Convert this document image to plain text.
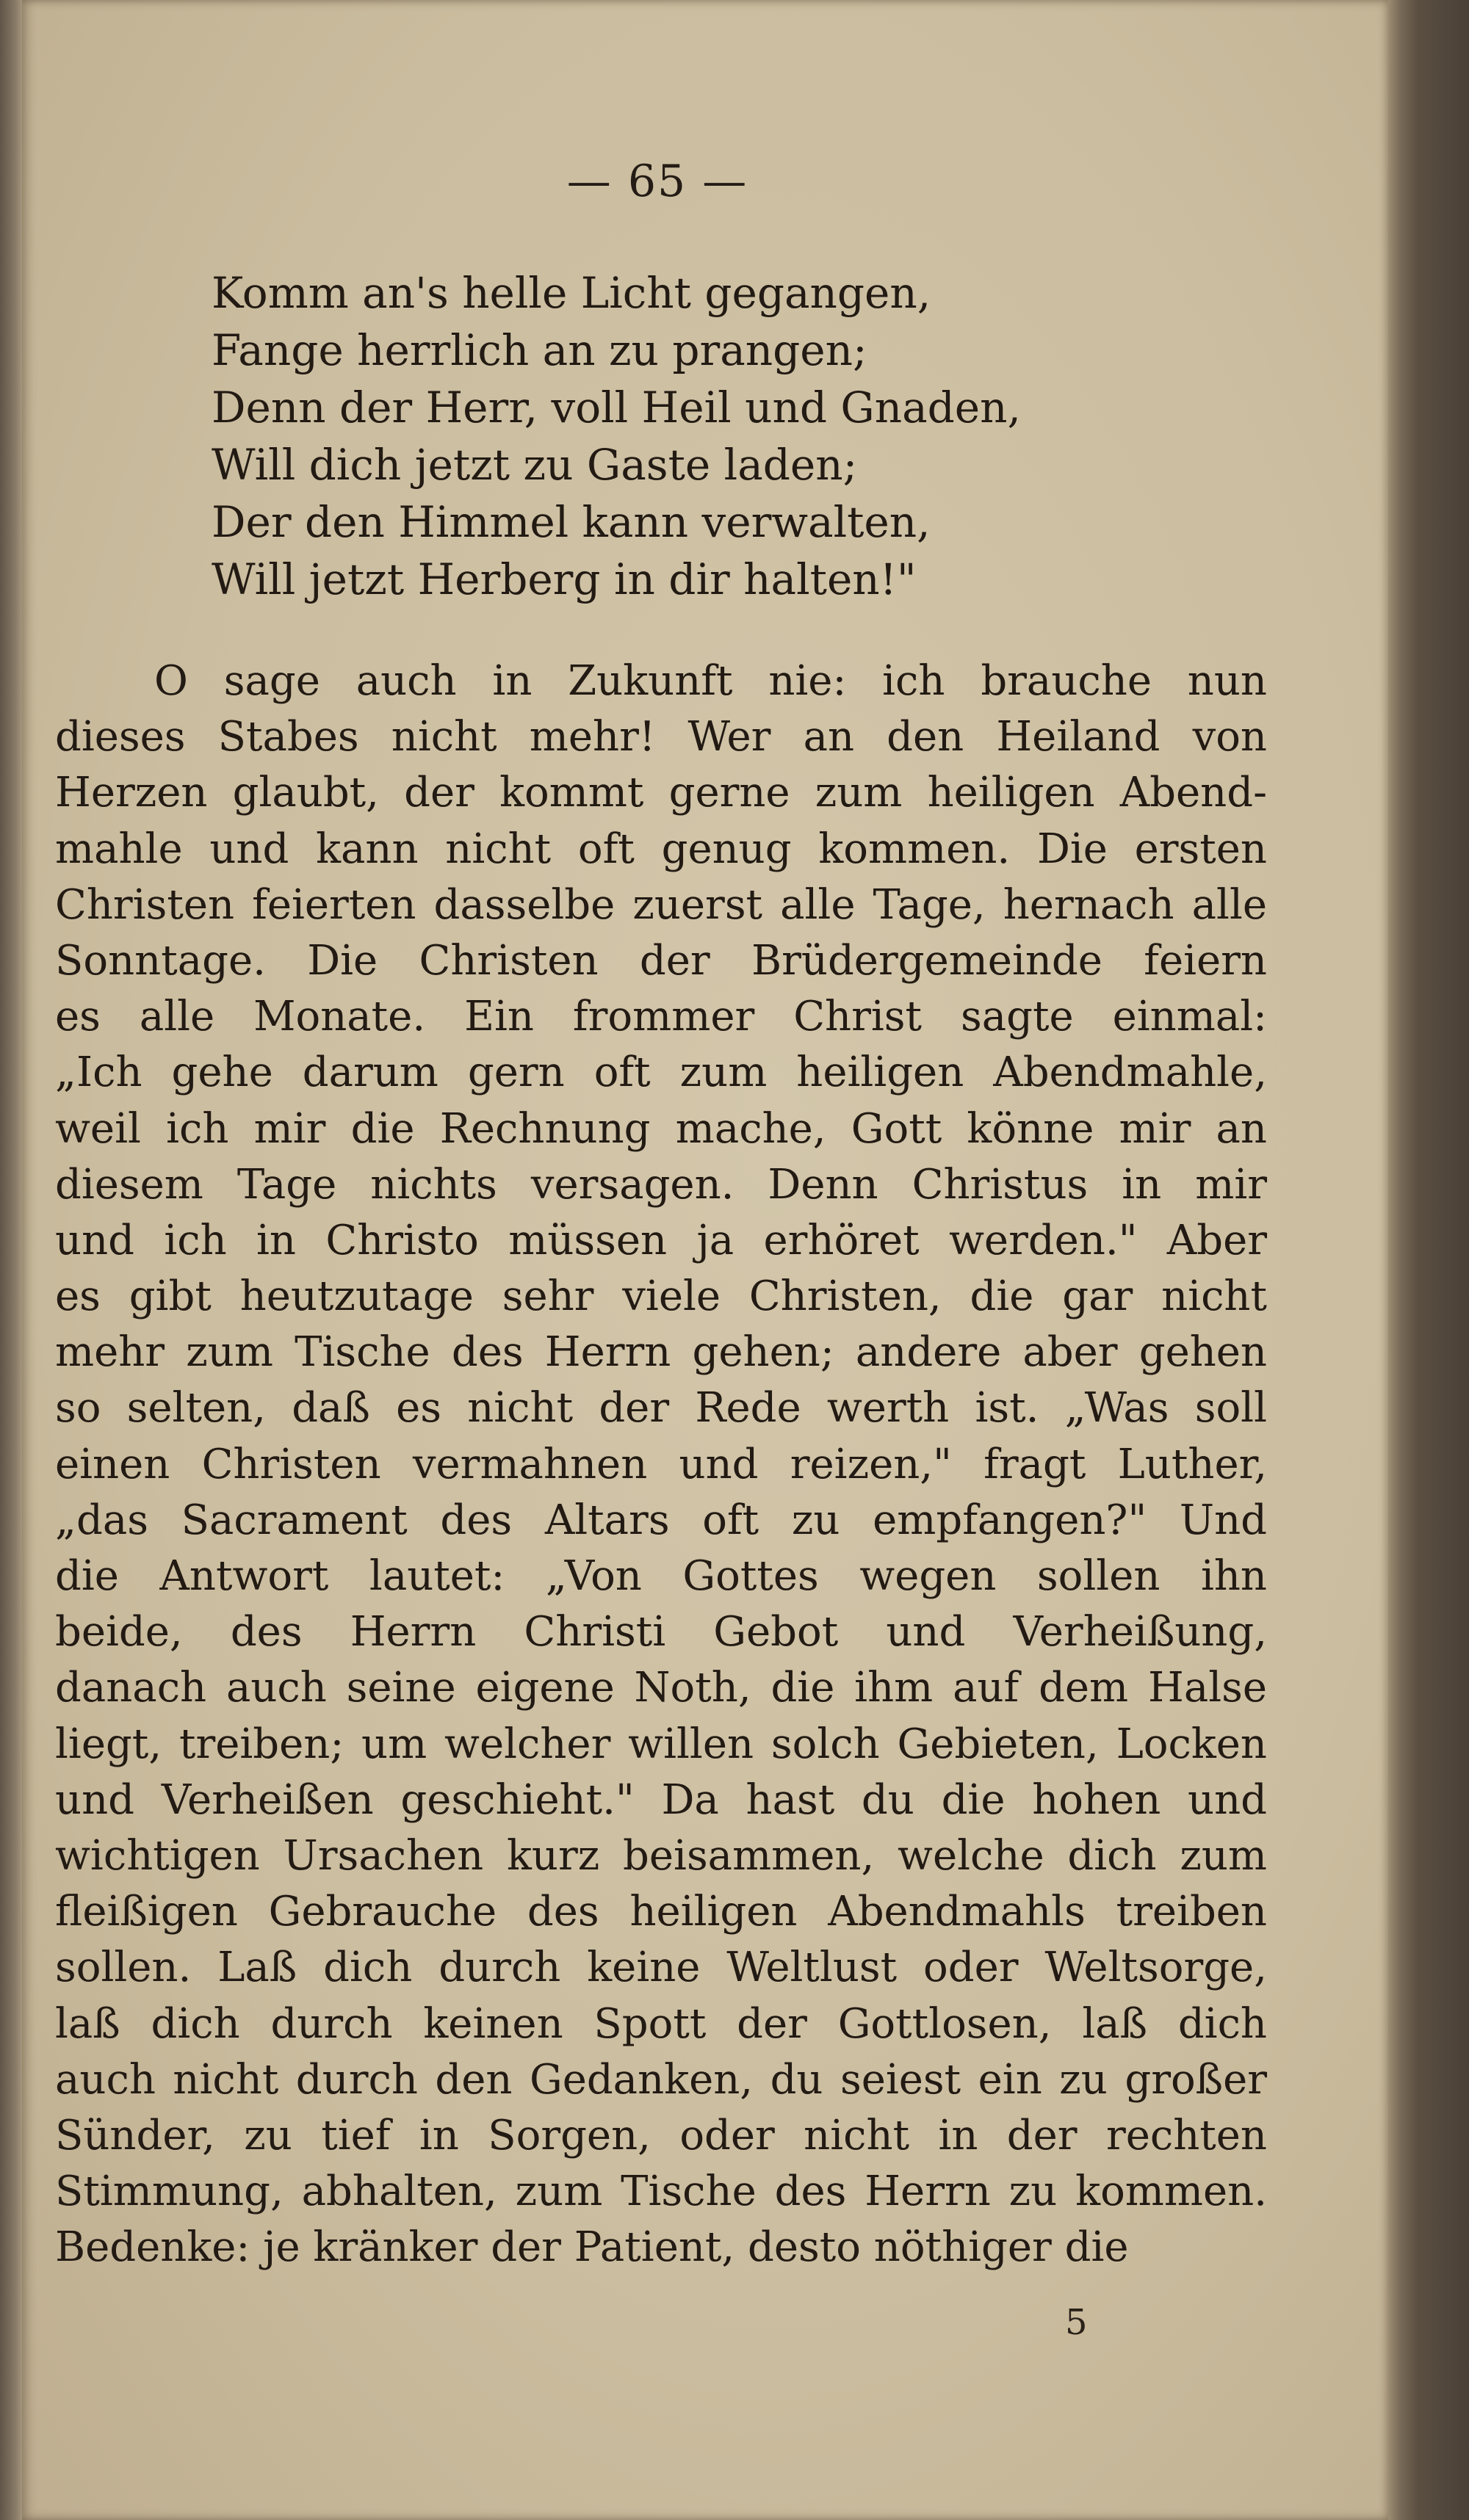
— 65 —
Komm an's helle Licht gegangen,
Fange herrlich an zu prangen;
Denn der Herr, voll Heil und Gnaden,
Will dich jetzt zu Gaste laden;
Der den Himmel kann verwalten,
Will jetzt Herberg in dir halten!"
O sage auch in Zukunft nie: ich brauche nun
dieses Stabes nicht mehr! Wer an den Heiland von
Herzen glaubt, der kommt gerne zum heiligen Abend-
mahle und kann nicht oft genug kommen. Die ersten
Christen feierten dasselbe zuerst alle Tage, hernach alle
Sonntage. Die Christen der Brüdergemeinde feiern
es alle Monate. Ein frommer Christ sagte einmal:
„Ich gehe darum gern oft zum heiligen Abendmahle,
weil ich mir die Rechnung mache, Gott könne mir an
diesem Tage nichts versagen. Denn Christus in mir
und ich in Christo müssen ja erhöret werden." Aber
es gibt heutzutage sehr viele Christen, die gar nicht
mehr zum Tische des Herrn gehen; andere aber gehen
so selten, daß es nicht der Rede werth ist. „Was soll
einen Christen vermahnen und reizen," fragt Luther,
„das Sacrament des Altars oft zu empfangen?" Und
die Antwort lautet: „Von Gottes wegen sollen ihn
beide, des Herrn Christi Gebot und Verheißung,
danach auch seine eigene Noth, die ihm auf dem Halse
liegt, treiben; um welcher willen solch Gebieten, Locken
und Verheißen geschieht." Da hast du die hohen und
wichtigen Ursachen kurz beisammen, welche dich zum
fleißigen Gebrauche des heiligen Abendmahls treiben
sollen. Laß dich durch keine Weltlust oder Weltsorge,
laß dich durch keinen Spott der Gottlosen, laß dich
auch nicht durch den Gedanken, du seiest ein zu großer
Sünder, zu tief in Sorgen, oder nicht in der rechten
Stimmung, abhalten, zum Tische des Herrn zu kommen.
Bedenke: je kränker der Patient, desto nöthiger die
5
